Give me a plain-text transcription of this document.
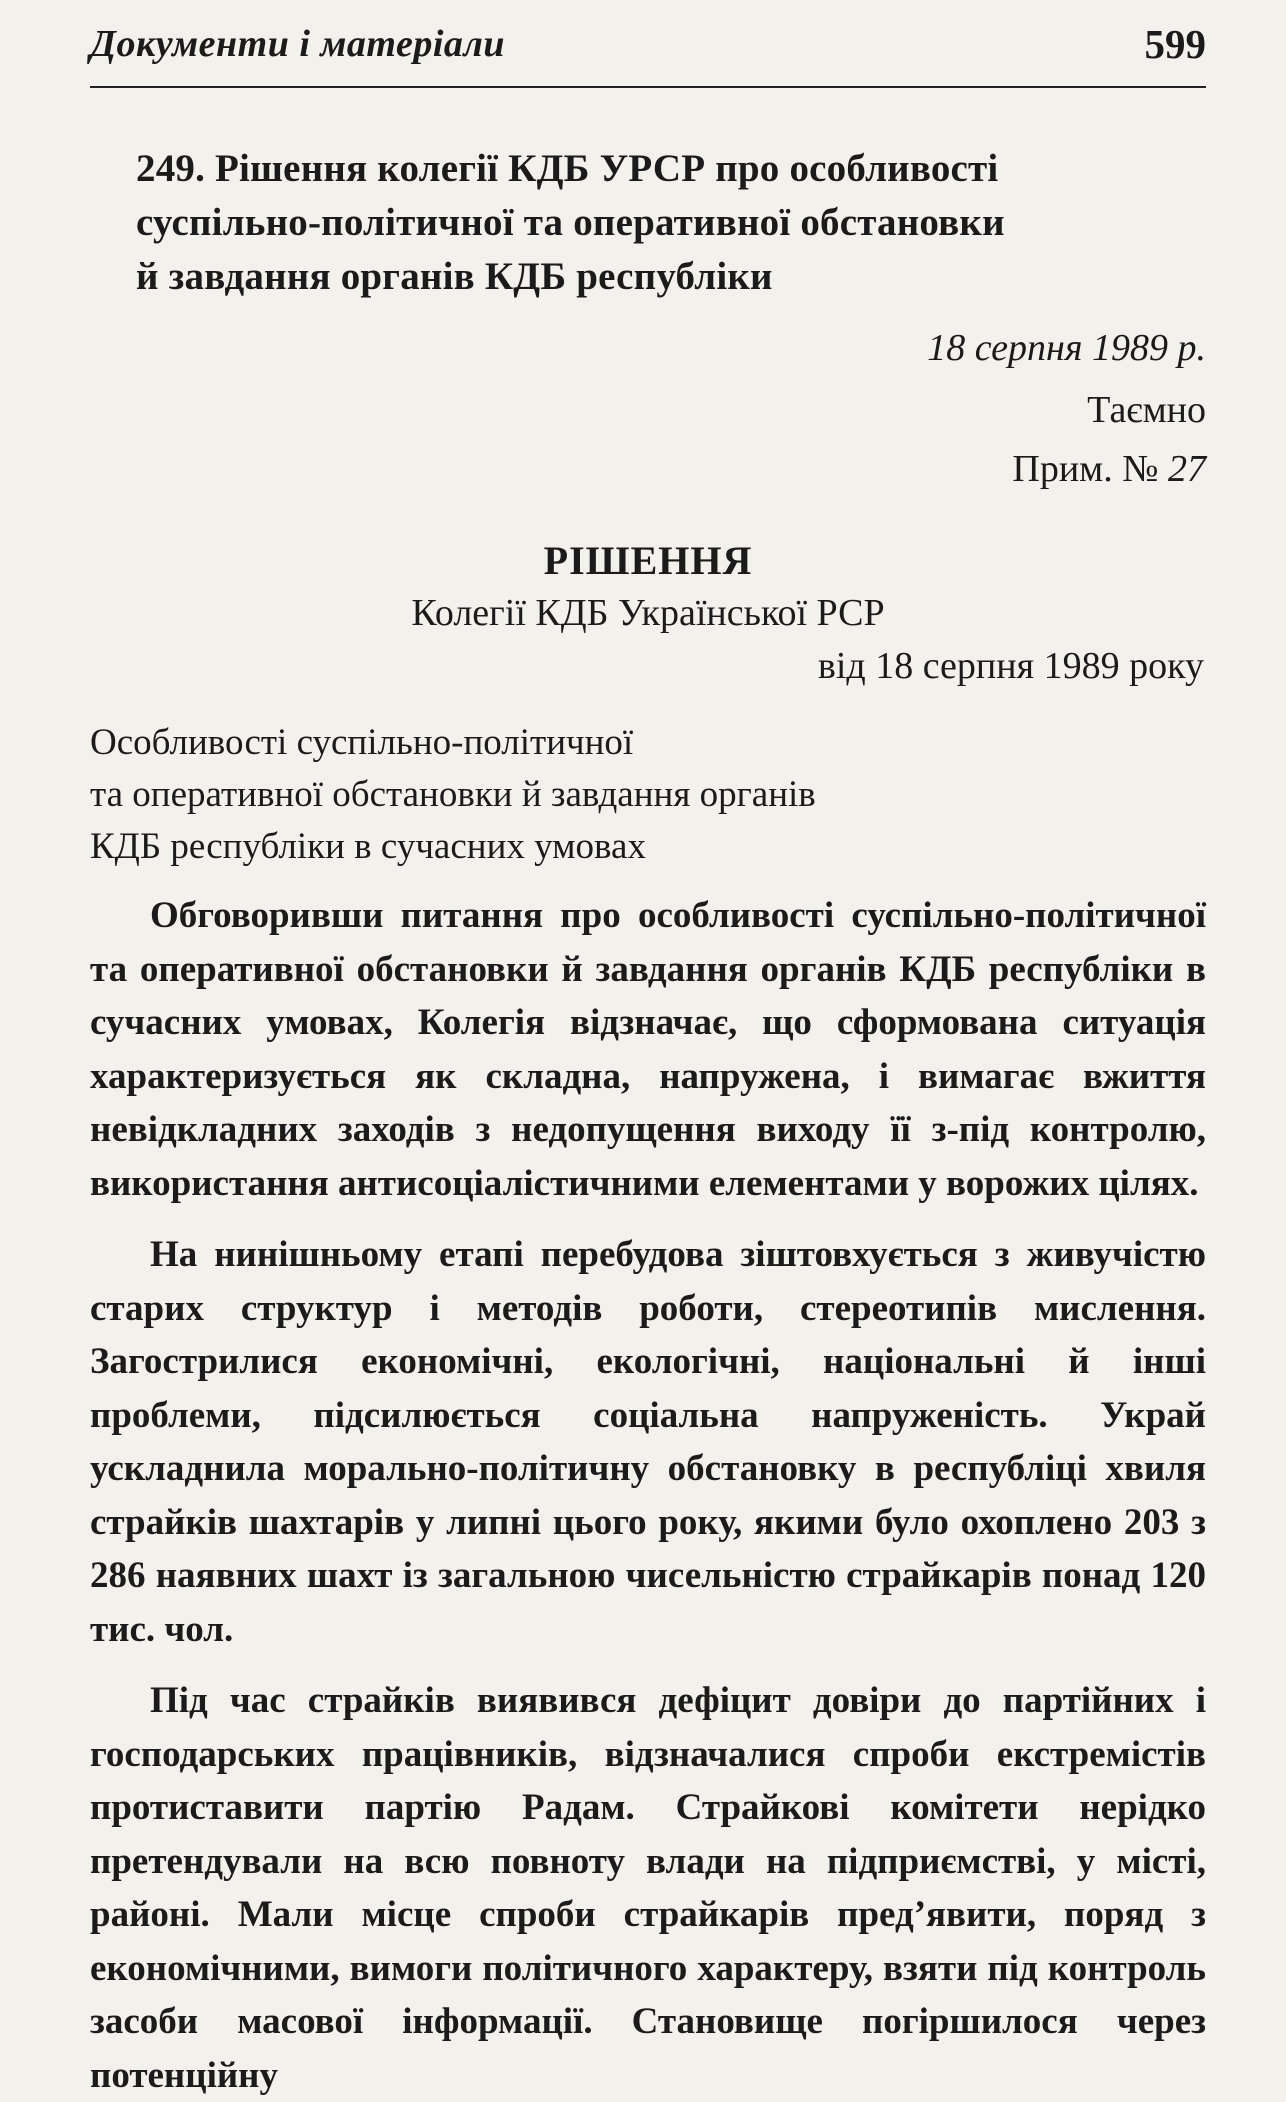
Документи і матеріали	599
249. Рішення колегії КДБ УРСР про особливості
суспільно-політичної та оперативної обстановки
й завдання органів КДБ республіки
18 серпня 1989 р.
Таємно
Прим. № 27
РІШЕННЯ
Колегії КДБ Української РСР
від 18 серпня 1989 року
Особливості суспільно-політичної
та оперативної обстановки й завдання органів
КДБ республіки в сучасних умовах

Обговоривши питання про особливості суспільно-політичної та оперативної обстановки й завдання органів КДБ республіки в сучасних умовах, Колегія відзначає, що сформована ситуація характеризується як складна, напружена, і вимагає вжиття невідкладних заходів з недопущення виходу її з-під контролю, використання антисоціалістичними елементами у ворожих цілях.

На нинішньому етапі перебудова зіштовхується з живучістю старих структур і методів роботи, стереотипів мислення. Загострилися економічні, екологічні, національні й інші проблеми, підсилюється соціальна напруженість. Украй ускладнила морально-політичну обстановку в республіці хвиля страйків шахтарів у липні цього року, якими було охоплено 203 з 286 наявних шахт із загальною чисельністю страйкарів понад 120 тис. чол.

Під час страйків виявився дефіцит довіри до партійних і господарських працівників, відзначалися спроби екстремістів протиставити партію Радам. Страйкові комітети нерідко претендували на всю повноту влади на підприємстві, у місті, районі. Мали місце спроби страйкарів пред’явити, поряд з економічними, вимоги політичного характеру, взяти під контроль засоби масової інформації. Становище погіршилося через потенційну
